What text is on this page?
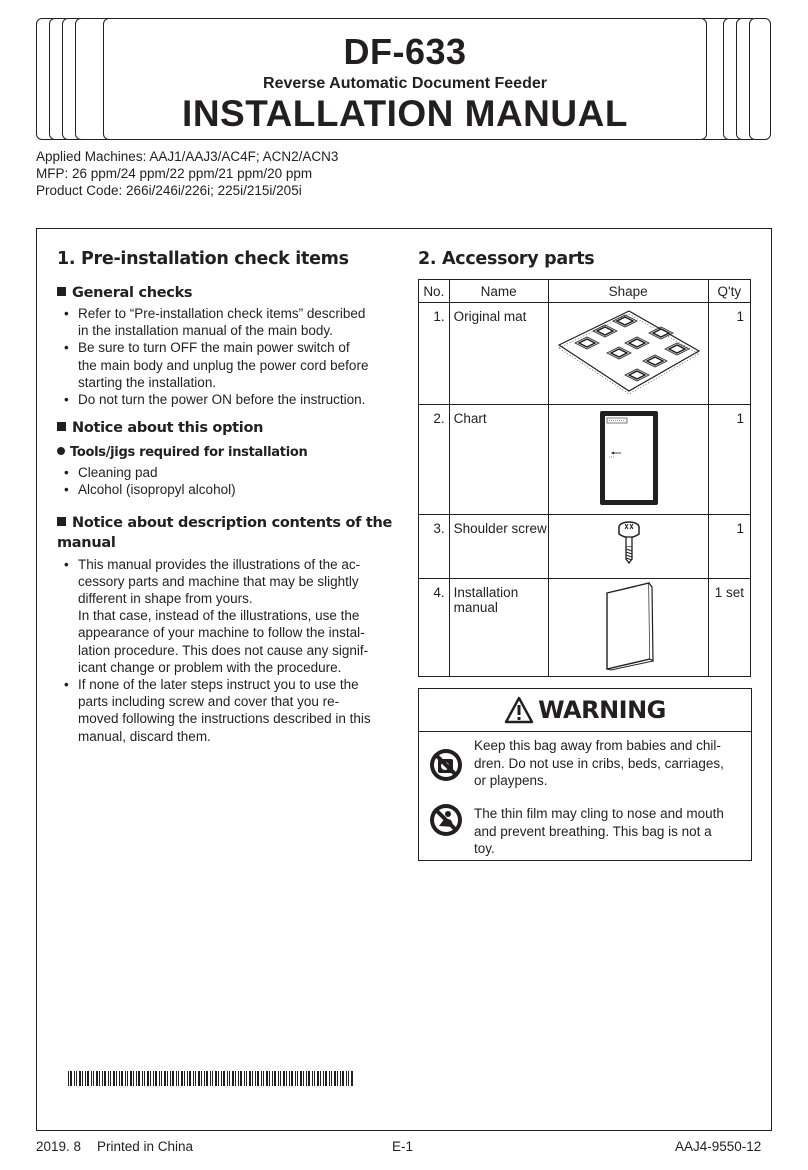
DF-633
Reverse Automatic Document Feeder
INSTALLATION MANUAL
Applied Machines: AAJ1/AAJ3/AC4F; ACN2/ACN3
MFP: 26 ppm/24 ppm/22 ppm/21 ppm/20 ppm
Product Code: 266i/246i/226i; 225i/215i/205i
1. Pre-installation check items
General checks
• Refer to “Pre-installation check items” described
in the installation manual of the main body.
• Be sure to turn OFF the main power switch of
the main body and unplug the power cord before
starting the installation.
• Do not turn the power ON before the instruction.
Notice about this option
Tools/jigs required for installation
• Cleaning pad
• Alcohol (isopropyl alcohol)
Notice about description contents of the
manual
• This manual provides the illustrations of the ac-
cessory parts and machine that may be slightly
different in shape from yours.
In that case, instead of the illustrations, use the
appearance of your machine to follow the instal-
lation procedure. This does not cause any signif-
icant change or problem with the procedure.
• If none of the later steps instruct you to use the
parts including screw and cover that you re-
moved following the instructions described in this
manual, discard them.
2. Accessory parts
No.	Name	Shape	Q'ty
1.	Original mat		1
2.	Chart		1
3.	Shoulder screw		1
4.	Installation
manual		1 set
WARNING
Keep this bag away from babies and chil-
dren. Do not use in cribs, beds, carriages,
or playpens.
The thin film may cling to nose and mouth
and prevent breathing. This bag is not a
toy.
2019. 8 Printed in China	E-1	AAJ4-9550-12
